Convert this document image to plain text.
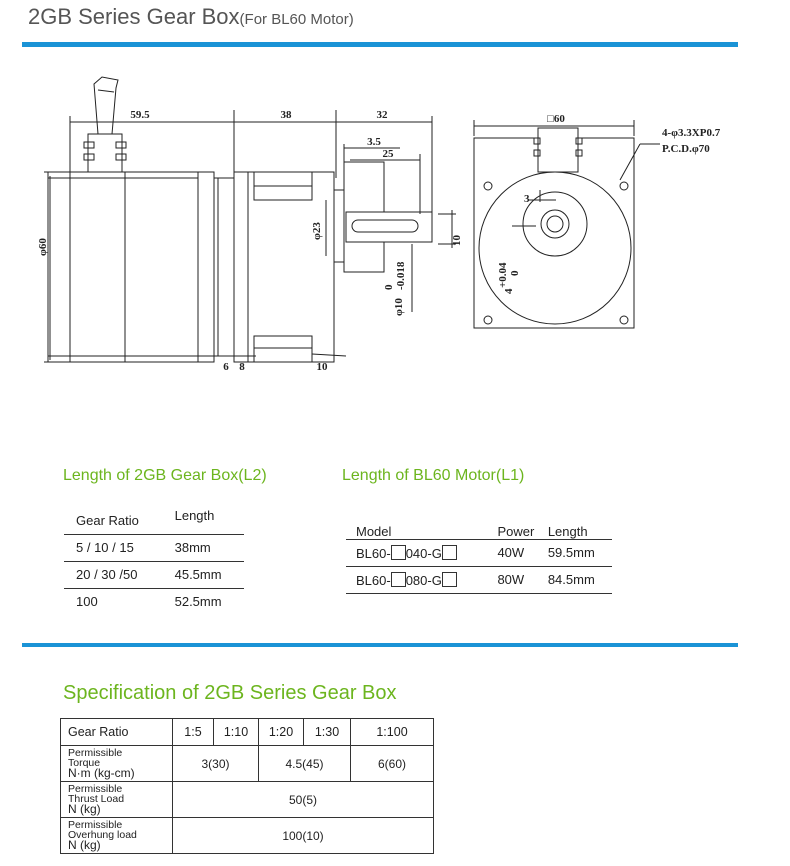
2GB Series Gear Box(For BL60 Motor)
59.5	38	32
3.5
25
φ60
φ23
10
6 8	10
φ10
0 -0.018
□60
3
+0.04
4
0
4-φ3.3XP0.7
P.C.D.φ70
Length of 2GB Gear Box(L2)	Length of BL60 Motor(L1)
Gear Ratio	Length
5 / 10 / 15	38mm
20 / 30 /50	45.5mm
100	52.5mm
Model	Power	Length
BL60- 040-G	40W	59.5mm
BL60- 080-G	80W	84.5mm
Specification of 2GB Series Gear Box
Gear Ratio	1:5	1:10	1:20	1:30	1:100
Permissible
Torque
N·m (kg-cm)	3(30)		4.5(45)		6(60)
Permissible
Thrust Load
N (kg)	50(5)				
Permissible
Overhung load
N (kg)	100(10)				
